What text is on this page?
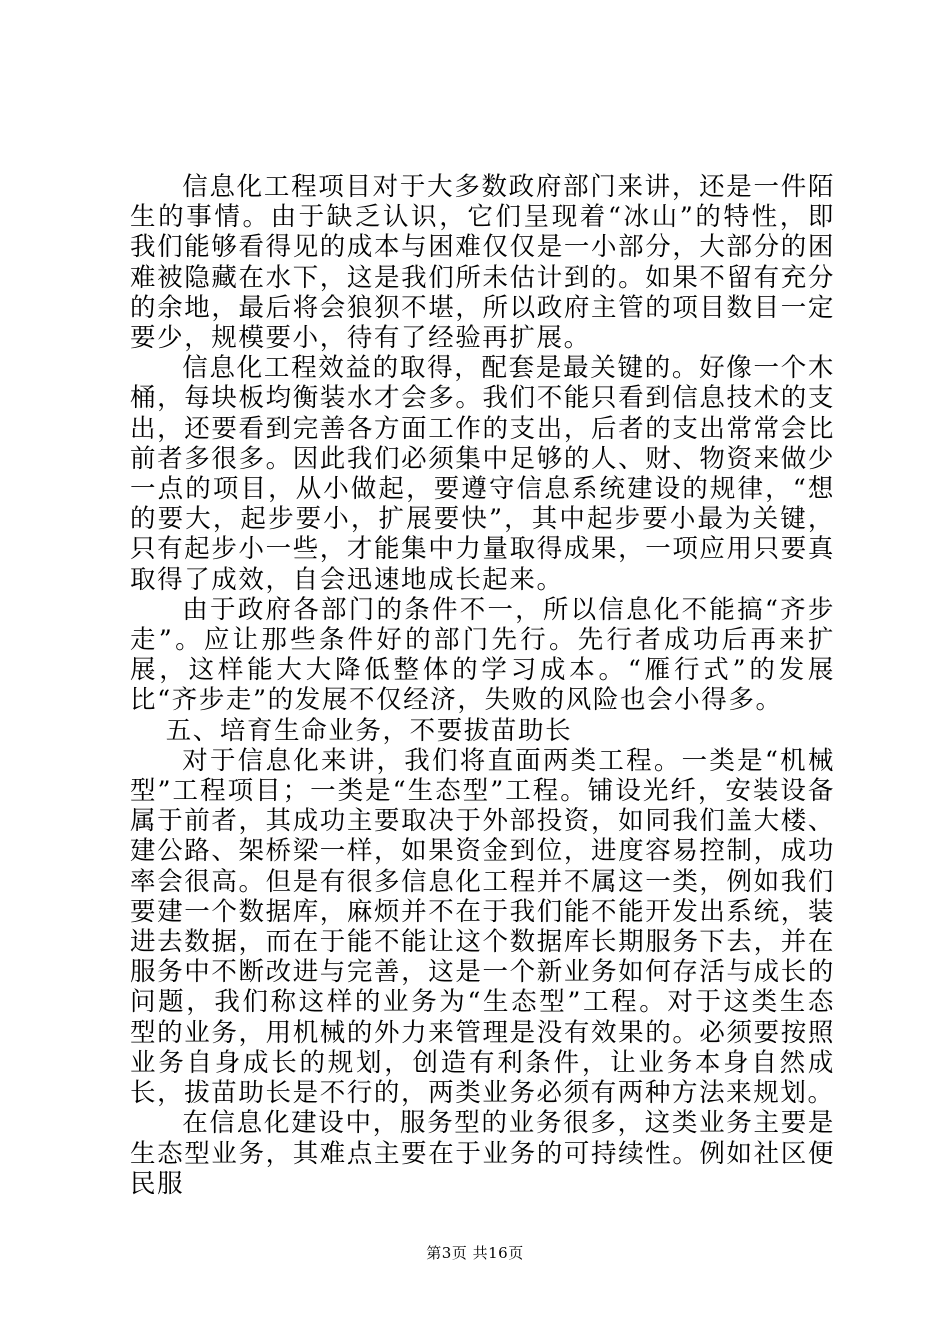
信息化工程项目对于大多数政府部门来讲，还是一件陌生的事情。由于缺乏认识，它们呈现着“冰山”的特性，即我们能够看得见的成本与困难仅仅是一小部分，大部分的困难被隐藏在水下，这是我们所未估计到的。如果不留有充分的余地，最后将会狼狈不堪，所以政府主管的项目数目一定要少，规模要小，待有了经验再扩展。

信息化工程效益的取得，配套是最关键的。好像一个木桶，每块板均衡装水才会多。我们不能只看到信息技术的支出，还要看到完善各方面工作的支出，后者的支出常常会比前者多很多。因此我们必须集中足够的人、财、物资来做少一点的项目，从小做起，要遵守信息系统建设的规律，“想的要大，起步要小，扩展要快”，其中起步要小最为关键，只有起步小一些，才能集中力量取得成果，一项应用只要真取得了成效，自会迅速地成长起来。

由于政府各部门的条件不一，所以信息化不能搞“齐步走”。应让那些条件好的部门先行。先行者成功后再来扩展，这样能大大降低整体的学习成本。“雁行式”的发展比“齐步走”的发展不仅经济，失败的风险也会小得多。

五、培育生命业务，不要拔苗助长

对于信息化来讲，我们将直面两类工程。一类是“机械型”工程项目；一类是“生态型”工程。铺设光纤，安装设备属于前者，其成功主要取决于外部投资，如同我们盖大楼、建公路、架桥梁一样，如果资金到位，进度容易控制，成功率会很高。但是有很多信息化工程并不属这一类，例如我们要建一个数据库，麻烦并不在于我们能不能开发出系统，装进去数据，而在于能不能让这个数据库长期服务下去，并在服务中不断改进与完善，这是一个新业务如何存活与成长的问题，我们称这样的业务为“生态型”工程。对于这类生态型的业务，用机械的外力来管理是没有效果的。必须要按照业务自身成长的规划，创造有利条件，让业务本身自然成长，拔苗助长是不行的，两类业务必须有两种方法来规划。

在信息化建设中，服务型的业务很多，这类业务主要是生态型业务，其难点主要在于业务的可持续性。例如社区便民服

第3页 共16页
